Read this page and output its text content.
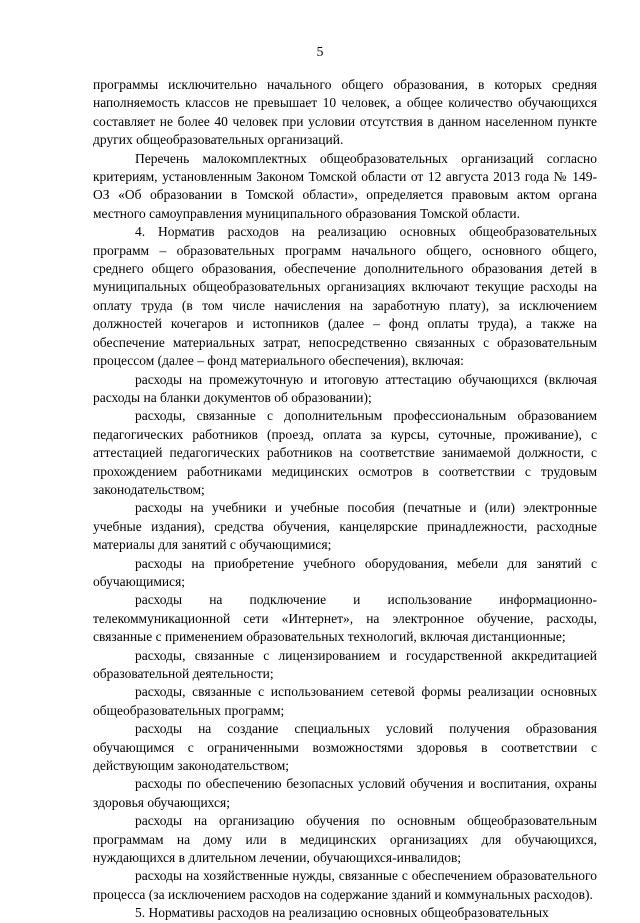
5

программы исключительно начального общего образования, в которых средняя наполняемость классов не превышает 10 человек, а общее количество обучающихся составляет не более 40 человек при условии отсутствия в данном населенном пункте других общеобразовательных организаций.

Перечень малокомплектных общеобразовательных организаций согласно критериям, установленным Законом Томской области от 12 августа 2013 года № 149-ОЗ «Об образовании в Томской области», определяется правовым актом органа местного самоуправления муниципального образования Томской области.

4. Норматив расходов на реализацию основных общеобразовательных программ – образовательных программ начального общего, основного общего, среднего общего образования, обеспечение дополнительного образования детей в муниципальных общеобразовательных организациях включают текущие расходы на оплату труда (в том числе начисления на заработную плату), за исключением должностей кочегаров и истопников (далее – фонд оплаты труда), а также на обеспечение материальных затрат, непосредственно связанных с образовательным процессом (далее – фонд материального обеспечения), включая:

расходы на промежуточную и итоговую аттестацию обучающихся (включая расходы на бланки документов об образовании);

расходы, связанные с дополнительным профессиональным образованием педагогических работников (проезд, оплата за курсы, суточные, проживание), с аттестацией педагогических работников на соответствие занимаемой должности, с прохождением работниками медицинских осмотров в соответствии с трудовым законодательством;

расходы на учебники и учебные пособия (печатные и (или) электронные учебные издания), средства обучения, канцелярские принадлежности, расходные материалы для занятий с обучающимися;

расходы на приобретение учебного оборудования, мебели для занятий с обучающимися;

расходы на подключение и использование информационно-телекоммуникационной сети «Интернет», на электронное обучение, расходы, связанные с применением образовательных технологий, включая дистанционные;

расходы, связанные с лицензированием и государственной аккредитацией образовательной деятельности;

расходы, связанные с использованием сетевой формы реализации основных общеобразовательных программ;

расходы на создание специальных условий получения образования обучающимся с ограниченными возможностями здоровья в соответствии с действующим законодательством;

расходы по обеспечению безопасных условий обучения и воспитания, охраны здоровья обучающихся;

расходы на организацию обучения по основным общеобразовательным программам на дому или в медицинских организациях для обучающихся, нуждающихся в длительном лечении, обучающихся-инвалидов;

расходы на хозяйственные нужды, связанные с обеспечением образовательного процесса (за исключением расходов на содержание зданий и коммунальных расходов).

5. Нормативы расходов на реализацию основных общеобразовательных
